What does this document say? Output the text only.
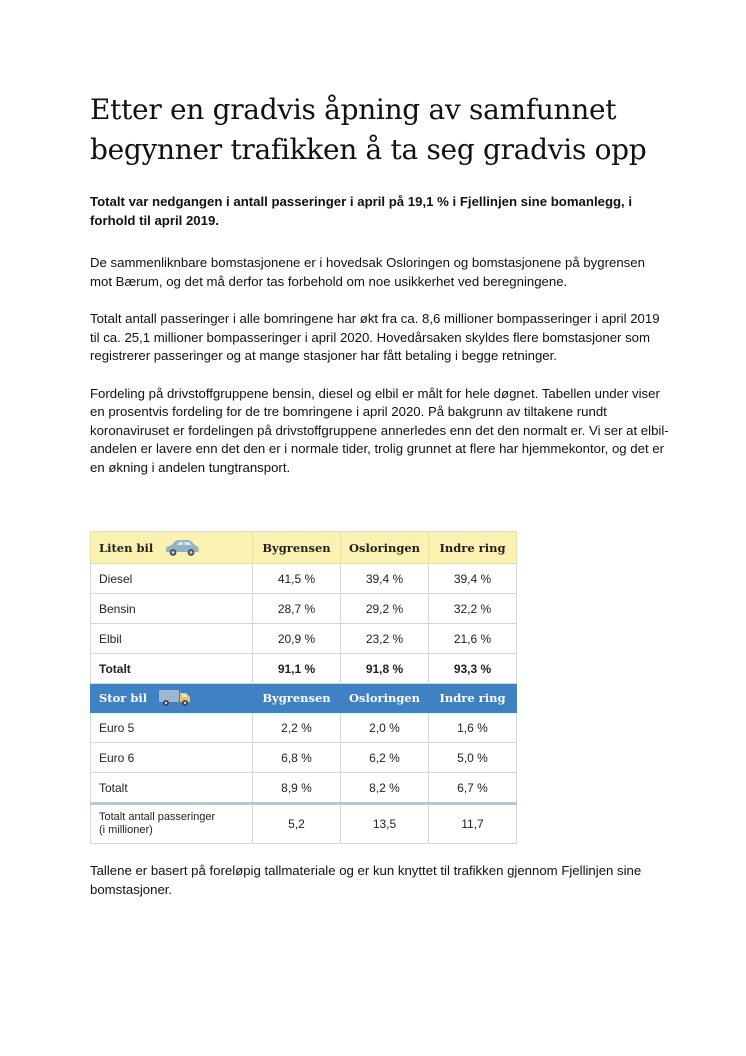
Etter en gradvis åpning av samfunnet begynner trafikken å ta seg gradvis opp

Totalt var nedgangen i antall passeringer i april på 19,1 % i Fjellinjen sine bomanlegg, i forhold til april 2019.

De sammenliknbare bomstasjonene er i hovedsak Osloringen og bomstasjonene på bygrensen mot Bærum, og det må derfor tas forbehold om noe usikkerhet ved beregningene.

Totalt antall passeringer i alle bomringene har økt fra ca. 8,6 millioner bompasseringer i april 2019 til ca. 25,1 millioner bompasseringer i april 2020. Hovedårsaken skyldes flere bomstasjoner som registrerer passeringer og at mange stasjoner har fått betaling i begge retninger.

Fordeling på drivstoffgruppene bensin, diesel og elbil er målt for hele døgnet. Tabellen under viser en prosentvis fordeling for de tre bomringene i april 2020. På bakgrunn av tiltakene rundt koronaviruset er fordelingen på drivstoffgruppene annerledes enn det den normalt er. Vi ser at elbil-andelen er lavere enn det den er i normale tider, trolig grunnet at flere har hjemmekontor, og det er en økning i andelen tungtransport.

Liten bil	Bygrensen	Osloringen	Indre ring
Diesel	41,5 %	39,4 %	39,4 %
Bensin	28,7 %	29,2 %	32,2 %
Elbil	20,9 %	23,2 %	21,6 %
Totalt	91,1 %	91,8 %	93,3 %

Stor bil	Bygrensen	Osloringen	Indre ring
Euro 5	2,2 %	2,0 %	1,6 %
Euro 6	6,8 %	6,2 %	5,0 %
Totalt	8,9 %	8,2 %	6,7 %
Totalt antall passeringer
(i millioner)	5,2	13,5	11,7

Tallene er basert på foreløpig tallmateriale og er kun knyttet til trafikken gjennom Fjellinjen sine bomstasjoner.
